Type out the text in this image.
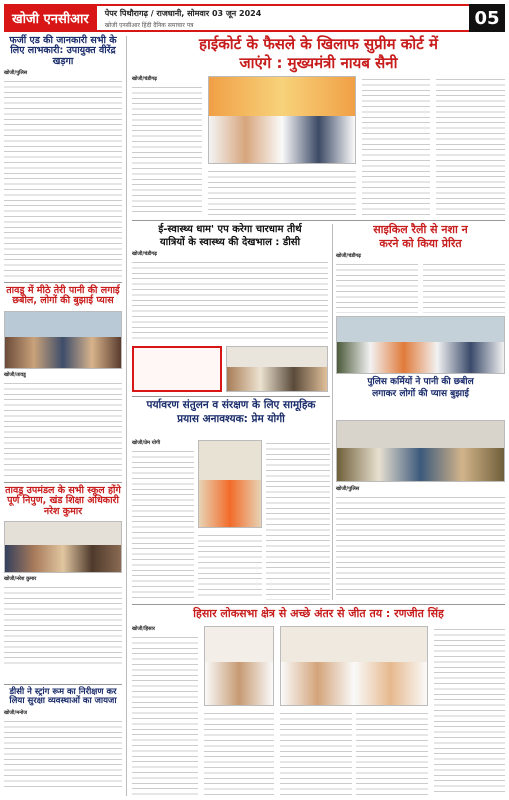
खोजी एनसीआर	पेपर पिथौरागढ़ / राजधानी, सोमवार 03 जून 2024
खोजी एनसीआर हिंदी दैनिक समाचार पत्र	05
फर्जी एड की जानकारी सभी के लिए लाभकारी: उपायुक्त वीरेंद्र खड़गा
खोजी/पुलिस
तावडू में मीठे तेरी पानी की लगाई छबील, लोगों की बुझाई प्यास
खोजी/तावडू
तावडू उपमंडल के सभी स्कूल होंगे पूर्ण निपुण, खंड शिक्षा अधिकारी नरेश कुमार
खोजी/नरेश कुमार
डीसी ने स्ट्रांग रूम का निरीक्षण कर लिया सुरक्षा व्यवस्थाओं का जायजा
खोजी/मनोज
हाईकोर्ट के फैसले के खिलाफ सुप्रीम कोर्ट में
जाएंगे : मुख्यमंत्री नायब सैनी
खोजी/चंडीगढ़
ई-स्वास्थ्य धाम' एप करेगा चारधाम तीर्थ
यात्रियों के स्वास्थ्य की देखभाल : डीसी
खोजी/चंडीगढ़
साइकिल रैली से नशा न
करने को किया प्रेरित
खोजी/चंडीगढ़
पुलिस कर्मियों ने पानी की छबील
लगाकर लोगों की प्यास बुझाई
पर्यावरण संतुलन व संरक्षण के लिए सामूहिक
प्रयास अनावश्यक: प्रेम योगी
खोजी/प्रेम योगी
खोजी/पुलिस
हिसार लोकसभा क्षेत्र से अच्छे अंतर से जीत तय : रणजीत सिंह
खोजी/हिसार
